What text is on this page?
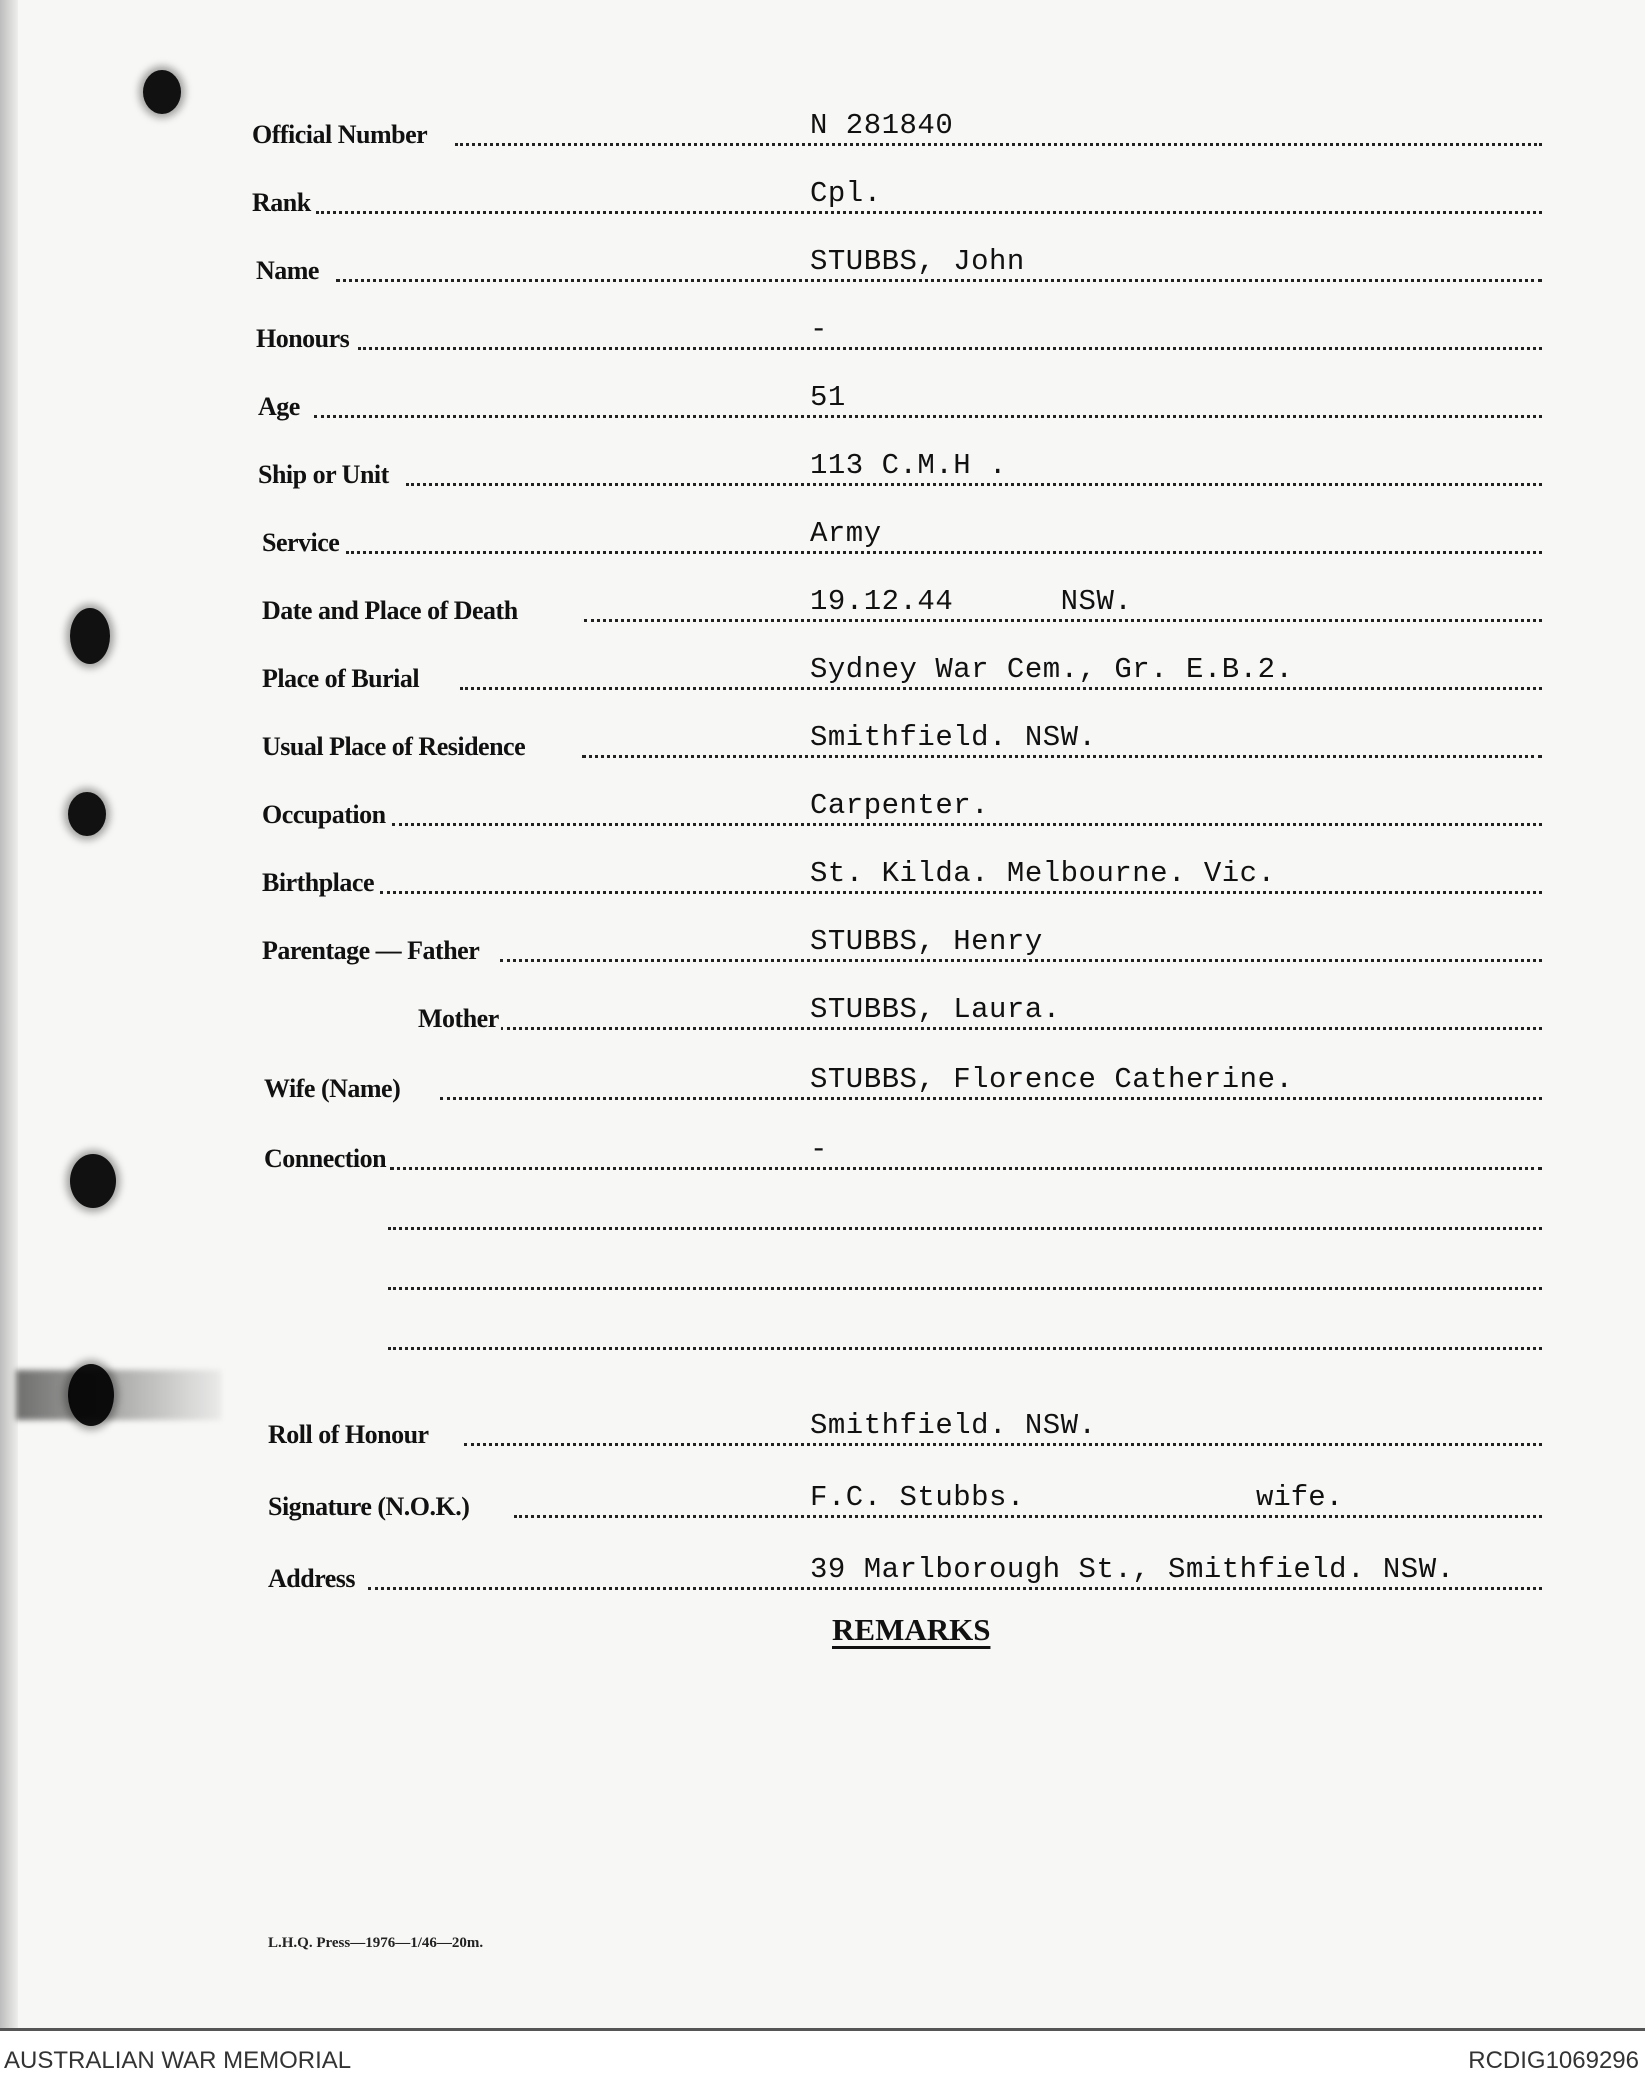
Official Number	N 281840
Rank	Cpl.
Name	STUBBS, John
Honours	-
Age	51
Ship or Unit	113 C.M.H .
Service	Army
Date and Place of Death	19.12.44      NSW.
Place of Burial	Sydney War Cem., Gr. E.B.2.
Usual Place of Residence	Smithfield. NSW.
Occupation	Carpenter.
Birthplace	St. Kilda. Melbourne. Vic.
Parentage — Father	STUBBS, Henry
Mother	STUBBS, Laura.
Wife (Name)	STUBBS, Florence Catherine.
Connection	-
Roll of Honour	Smithfield. NSW.
Signature (N.O.K.)	F.C. Stubbs.	wife.
Address	39 Marlborough St., Smithfield. NSW.
REMARKS
L.H.Q. Press—1976—1/46—20m.
AUSTRALIAN WAR MEMORIAL	RCDIG1069296
